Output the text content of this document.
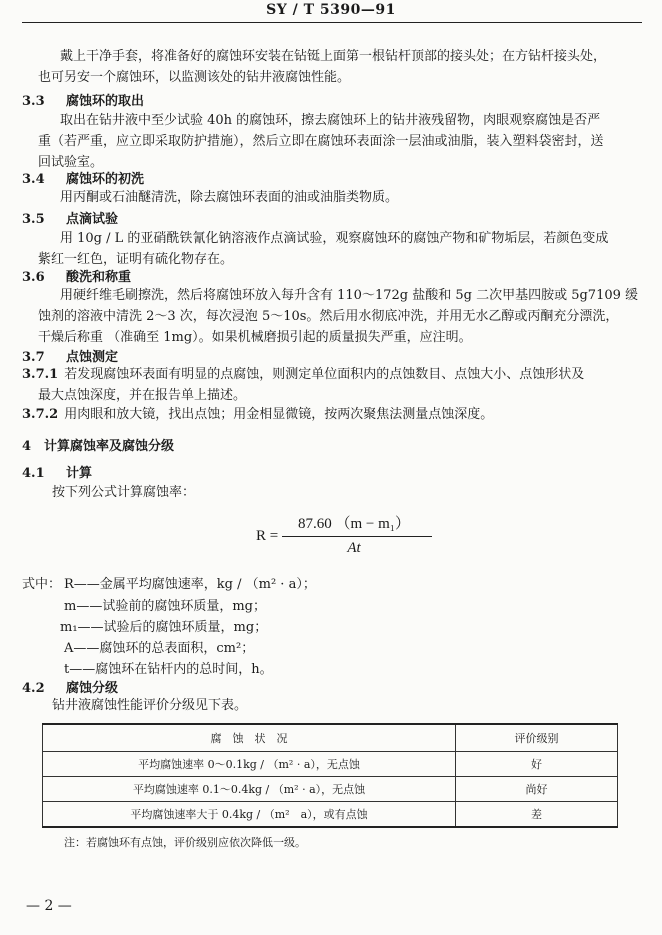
SY / T 5390—91
戴上干净手套，将准备好的腐蚀环安装在钻铤上面第一根钻杆顶部的接头处；在方钻杆接头处，
也可另安一个腐蚀环，以监测该处的钻井液腐蚀性能。
3.3 腐蚀环的取出
取出在钻井液中至少试验 40h 的腐蚀环，擦去腐蚀环上的钻井液残留物，肉眼观察腐蚀是否严
重（若严重，应立即采取防护措施），然后立即在腐蚀环表面涂一层油或油脂，装入塑料袋密封，送
回试验室。
3.4 腐蚀环的初洗
用丙酮或石油醚清洗，除去腐蚀环表面的油或油脂类物质。
3.5 点滴试验
用 10g / L 的亚硝酰铁氰化钠溶液作点滴试验，观察腐蚀环的腐蚀产物和矿物垢层，若颜色变成
紫红一红色，证明有硫化物存在。
3.6 酸洗和称重
用硬纤维毛刷擦洗，然后将腐蚀环放入每升含有 110～172g 盐酸和 5g 二次甲基四胺或 5g7109 缓
蚀剂的溶液中清洗 2～3 次，每次浸泡 5～10s。然后用水彻底冲洗，并用无水乙醇或丙酮充分漂洗，
干燥后称重 （准确至 1mg）。如果机械磨损引起的质量损失严重，应注明。
3.7 点蚀测定
3.7.1 若发现腐蚀环表面有明显的点腐蚀，则测定单位面积内的点蚀数目、点蚀大小、点蚀形状及
最大点蚀深度，并在报告单上描述。
3.7.2 用肉眼和放大镜，找出点蚀；用金相显微镜，按两次聚焦法测量点蚀深度。
4 计算腐蚀率及腐蚀分级
4.1 计算
按下列公式计算腐蚀率：
R =
87.60 （m − m₁）
At
式中： R——金属平均腐蚀速率，kg / （m² · a）；
m——试验前的腐蚀环质量，mg；
m₁——试验后的腐蚀环质量，mg；
A——腐蚀环的总表面积，cm²；
t——腐蚀环在钻杆内的总时间，h。
4.2 腐蚀分级
钻井液腐蚀性能评价分级见下表。
腐　蚀　状　况	评价级别
平均腐蚀速率 0～0.1kg / （m² · a），无点蚀	好
平均腐蚀速率 0.1～0.4kg / （m² · a），无点蚀	尚好
平均腐蚀速率大于 0.4kg / （m²　a），或有点蚀	差
注：若腐蚀环有点蚀，评价级别应依次降低一级。
— 2 —
